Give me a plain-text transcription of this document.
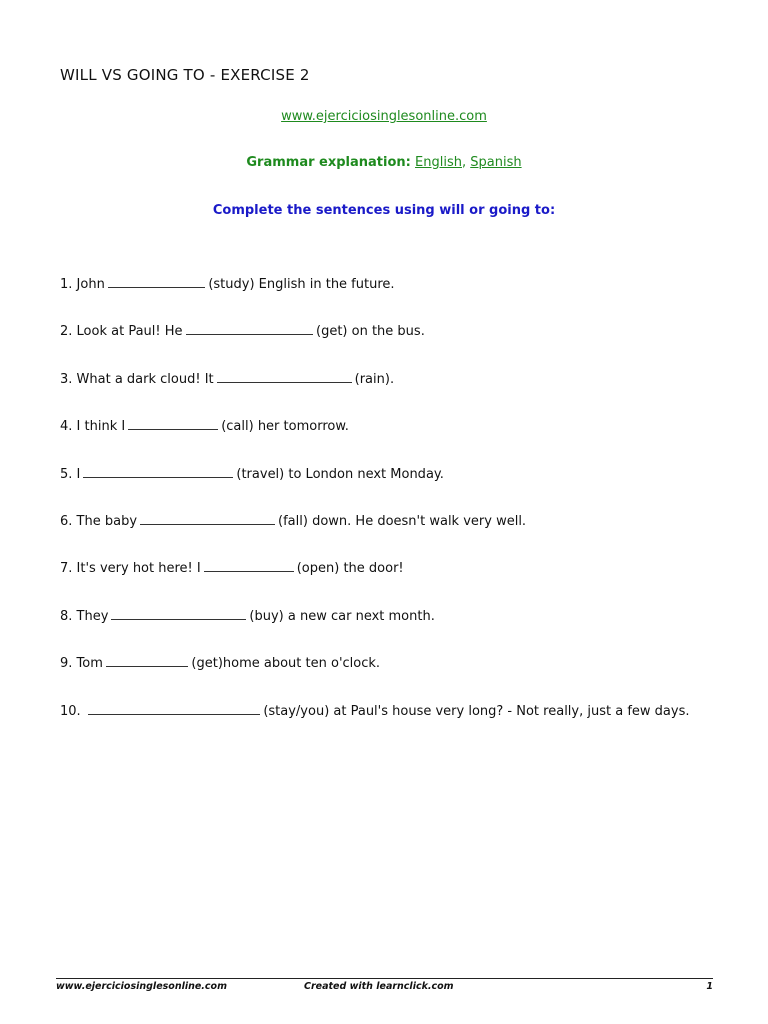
WILL VS GOING TO - EXERCISE 2
www.ejerciciosinglesonline.com
Grammar explanation: English, Spanish
Complete the sentences using will or going to:
1. John	(study) English in the future.
2. Look at Paul! He	(get) on the bus.
3. What a dark cloud! It	(rain).
4. I think I	(call) her tomorrow.
5. I	(travel) to London next Monday.
6. The baby	(fall) down. He doesn't walk very well.
7. It's very hot here! I	(open) the door!
8. They	(buy) a new car next month.
9. Tom	(get)home about ten o'clock.
10.	(stay/you) at Paul's house very long? - Not really, just a few days.
www.ejerciciosinglesonline.com	Created with learnclick.com	1
